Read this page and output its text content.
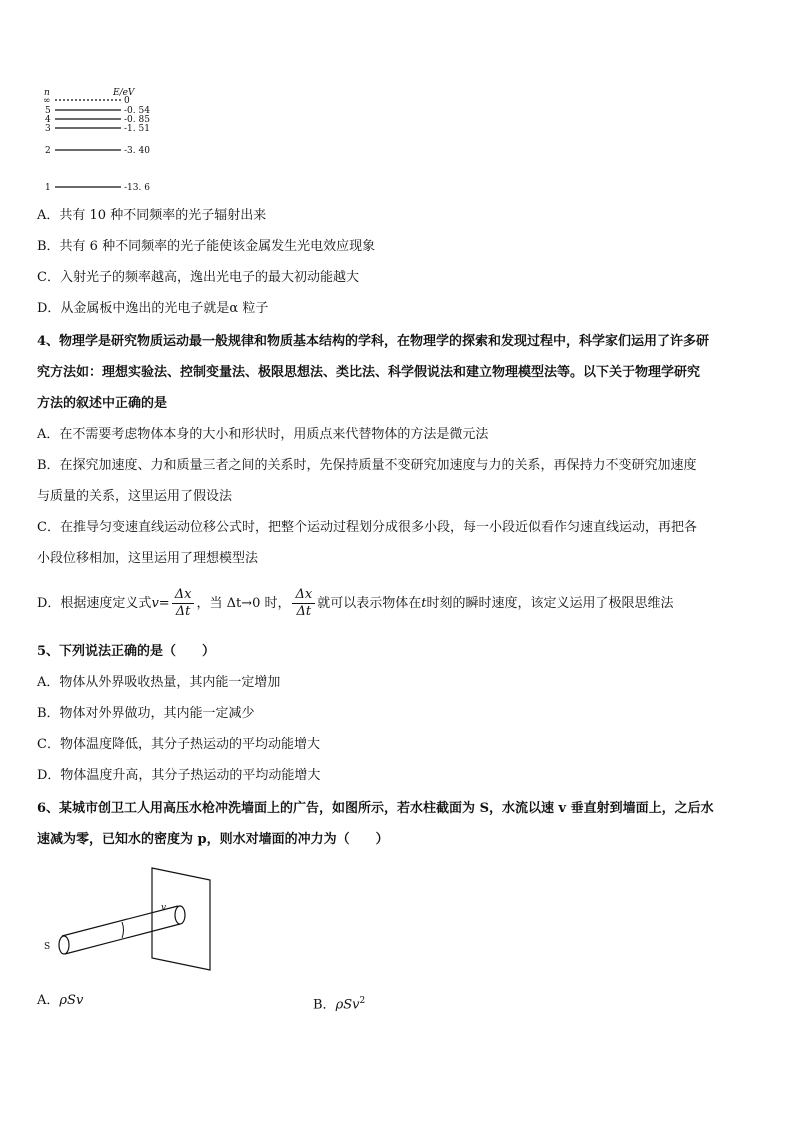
n	E/eV
∞	0
5	-0. 54
4	-0. 85
3	-1. 51
2	-3. 40
1	-13. 6
A．共有 10 种不同频率的光子辐射出来
B．共有 6 种不同频率的光子能使该金属发生光电效应现象
C．入射光子的频率越高，逸出光电子的最大初动能越大
D．从金属板中逸出的光电子就是α 粒子
4、物理学是研究物质运动最一般规律和物质基本结构的学科，在物理学的探索和发现过程中，科学家们运用了许多研
究方法如：理想实验法、控制变量法、极限思想法、类比法、科学假说法和建立物理模型法等。以下关于物理学研究
方法的叙述中正确的是
A．在不需要考虑物体本身的大小和形状时，用质点来代替物体的方法是微元法
B．在探究加速度、力和质量三者之间的关系时，先保持质量不变研究加速度与力的关系，再保持力不变研究加速度
与质量的关系，这里运用了假设法
C．在推导匀变速直线运动位移公式时，把整个运动过程划分成很多小段，每一小段近似看作匀速直线运动，再把各
小段位移相加，这里运用了理想模型法
D．根据速度定义式$v= \frac{\Delta x}{\Delta t}$ ，当 Δt→0 时， $\frac{\Delta x}{\Delta t}$ 就可以表示物体在t时刻的瞬时速度，该定义运用了极限思维法
5、下列说法正确的是（　　）
A．物体从外界吸收热量，其内能一定增加
B．物体对外界做功，其内能一定减少
C．物体温度降低，其分子热运动的平均动能增大
D．物体温度升高，其分子热运动的平均动能增大
6、某城市创卫工人用高压水枪冲洗墙面上的广告，如图所示，若水柱截面为 S，水流以速 v 垂直射到墙面上，之后水
速减为零，已知水的密度为 p，则水对墙面的冲力为（　　）
S
v
A．ρSv	B．ρSv$^2$
